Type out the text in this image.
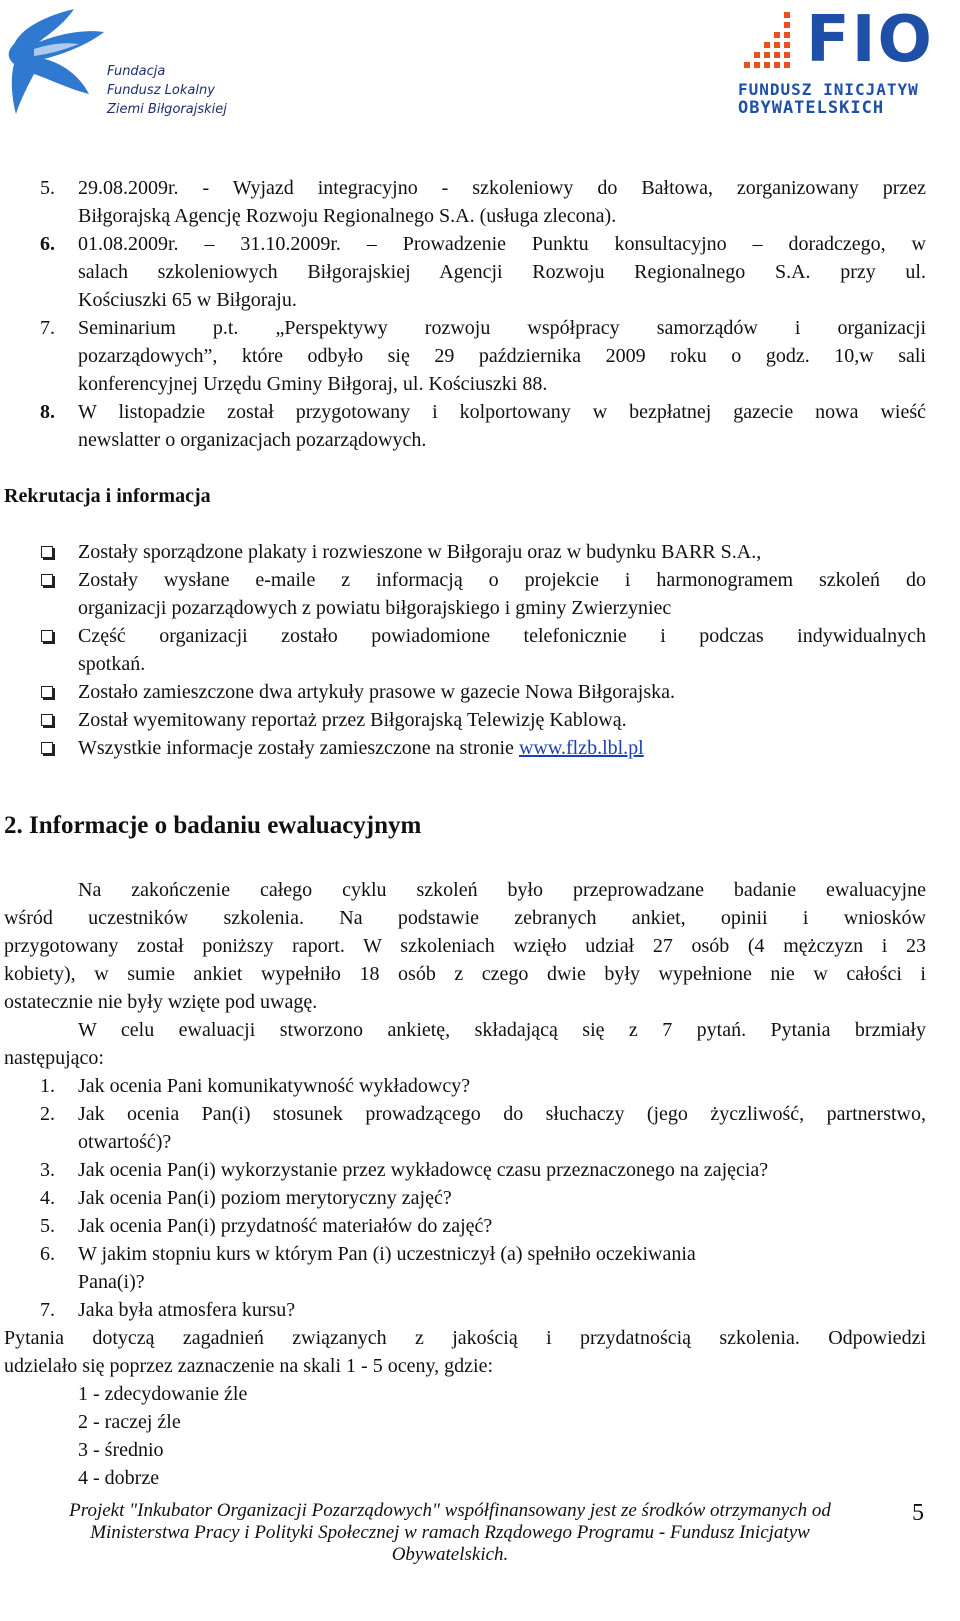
Fundacja
Fundusz Lokalny
Ziemi Biłgorajskiej
FIO
FUNDUSZ INICJATYW
OBYWATELSKICH
5. 29.08.2009r. - Wyjazd integracyjno - szkoleniowy do Bałtowa, zorganizowany przez
Biłgorajską Agencję Rozwoju Regionalnego S.A. (usługa zlecona).
6. 01.08.2009r. – 31.10.2009r. – Prowadzenie Punktu konsultacyjno – doradczego, w
salach szkoleniowych Biłgorajskiej Agencji Rozwoju Regionalnego S.A. przy ul.
Kościuszki 65 w Biłgoraju.
7. Seminarium p.t. „Perspektywy rozwoju współpracy samorządów i organizacji
pozarządowych”, które odbyło się 29 października 2009 roku o godz. 10,w sali
konferencyjnej Urzędu Gminy Biłgoraj, ul. Kościuszki 88.
8. W listopadzie został przygotowany i kolportowany w bezpłatnej gazecie nowa wieść
newslatter o organizacjach pozarządowych.
Rekrutacja i informacja
Zostały sporządzone plakaty i rozwieszone w Biłgoraju oraz w budynku BARR S.A.,
Zostały wysłane e-maile z informacją o projekcie i harmonogramem szkoleń do
organizacji pozarządowych z powiatu biłgorajskiego i gminy Zwierzyniec
Część organizacji zostało powiadomione telefonicznie i podczas indywidualnych
spotkań.
Zostało zamieszczone dwa artykuły prasowe w gazecie Nowa Biłgorajska.
Został wyemitowany reportaż przez Biłgorajską Telewizję Kablową.
Wszystkie informacje zostały zamieszczone na stronie www.flzb.lbl.pl
2. Informacje o badaniu ewaluacyjnym
Na zakończenie całego cyklu szkoleń było przeprowadzane badanie ewaluacyjne
wśród uczestników szkolenia. Na podstawie zebranych ankiet, opinii i wniosków
przygotowany został poniższy raport. W szkoleniach wzięło udział 27 osób (4 mężczyzn i 23
kobiety), w sumie ankiet wypełniło 18 osób z czego dwie były wypełnione nie w całości i
ostatecznie nie były wzięte pod uwagę.
W celu ewaluacji stworzono ankietę, składającą się z 7 pytań. Pytania brzmiały
następująco:
1. Jak ocenia Pani komunikatywność wykładowcy?
2. Jak ocenia Pan(i) stosunek prowadzącego do słuchaczy (jego życzliwość, partnerstwo,
otwartość)?
3. Jak ocenia Pan(i) wykorzystanie przez wykładowcę czasu przeznaczonego na zajęcia?
4. Jak ocenia Pan(i) poziom merytoryczny zajęć?
5. Jak ocenia Pan(i) przydatność materiałów do zajęć?
6. W jakim stopniu kurs w którym Pan (i) uczestniczył (a) spełniło oczekiwania
Pana(i)?
7. Jaka była atmosfera kursu?
Pytania dotyczą zagadnień związanych z jakością i przydatnością szkolenia. Odpowiedzi
udzielało się poprzez zaznaczenie na skali 1 - 5 oceny, gdzie:
1 - zdecydowanie źle
2 - raczej źle
3 - średnio
4 - dobrze
Projekt "Inkubator Organizacji Pozarządowych" współfinansowany jest ze środków otrzymanych od
Ministerstwa Pracy i Polityki Społecznej w ramach Rządowego Programu - Fundusz Inicjatyw
Obywatelskich.
5
